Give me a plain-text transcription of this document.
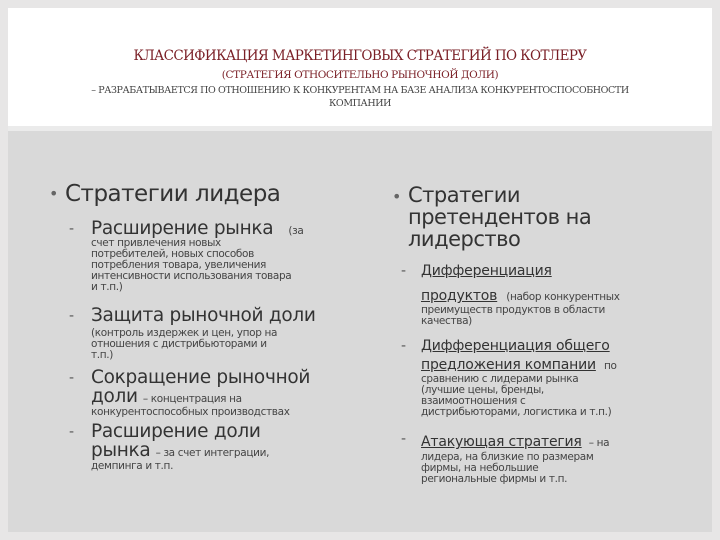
КЛАССИФИКАЦИЯ МАРКЕТИНГОВЫХ СТРАТЕГИЙ ПО КОТЛЕРУ
(СТРАТЕГИЯ ОТНОСИТЕЛЬНО РЫНОЧНОЙ ДОЛИ)
– РАЗРАБАТЫВАЕТСЯ ПО ОТНОШЕНИЮ К КОНКУРЕНТАМ НА БАЗЕ АНАЛИЗА КОНКУРЕНТОСПОСОБНОСТИ
КОМПАНИИ
• Стратегии лидера
- Расширение рынка (за
счет привлечения новых
потребителей, новых способов
потребления товара, увеличения
интенсивности использования товара
и т.п.)
- Защита рыночной доли
(контроль издержек и цен, упор на
отношения с дистрибьюторами и
т.п.)
- Сокращение рыночной
доли – концентрация на
конкурентоспособных производствах
- Расширение доли
рынка – за счет интеграции,
демпинга и т.п.
• Стратегии
претендентов на
лидерство
- Дифференциация
продуктов (набор конкурентных
преимуществ продуктов в области
качества)
- Дифференциация общего
предложения компании по
сравнению с лидерами рынка
(лучшие цены, бренды,
взаимоотношения с
дистрибьюторами, логистика и т.п.)
- Атакующая стратегия – на
лидера, на близкие по размерам
фирмы, на небольшие
региональные фирмы и т.п.
